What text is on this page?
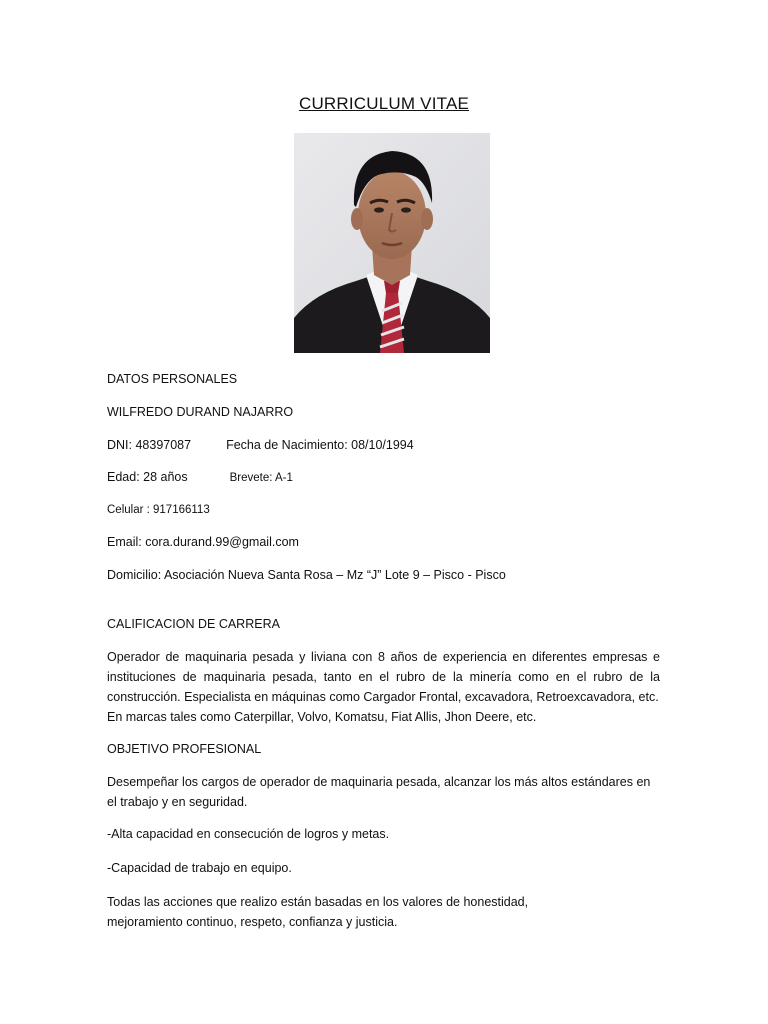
CURRICULUM VITAE
DATOS PERSONALES
WILFREDO DURAND NAJARRO
DNI: 48397087	Fecha de Nacimiento: 08/10/1994
Edad: 28 años	Brevete: A-1
Celular : 917166113
Email: cora.durand.99@gmail.com
Domicilio: Asociación Nueva Santa Rosa – Mz “J” Lote 9 – Pisco - Pisco
CALIFICACION DE CARRERA
Operador de maquinaria pesada y liviana con 8 años de experiencia en diferentes empresas e instituciones de maquinaria pesada, tanto en el rubro de la minería como en el rubro de la construcción. Especialista en máquinas como Cargador Frontal, excavadora, Retroexcavadora, etc.
En marcas tales como Caterpillar, Volvo, Komatsu, Fiat Allis, Jhon Deere, etc.
OBJETIVO PROFESIONAL
Desempeñar los cargos de operador de maquinaria pesada, alcanzar los más altos estándares en
el trabajo y en seguridad.
-Alta capacidad en consecución de logros y metas.
-Capacidad de trabajo en equipo.
Todas las acciones que realizo están basadas en los valores de honestidad,
mejoramiento continuo, respeto, confianza y justicia.
